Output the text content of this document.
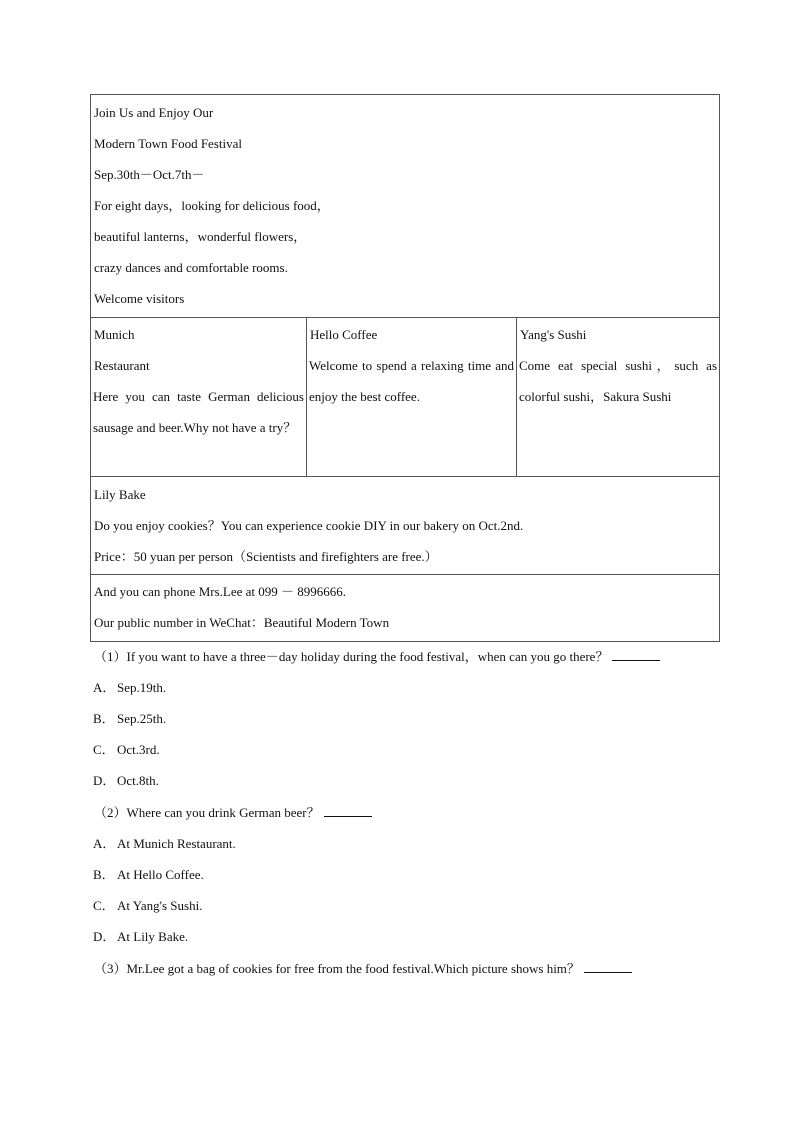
Join Us and Enjoy Our
Modern Town Food Festival
Sep.30th－Oct.7th－
For eight days，looking for delicious food，
beautiful lanterns，wonderful flowers，
crazy dances and comfortable rooms.
Welcome visitors
Munich
Restaurant
Here you can taste German delicious sausage and beer.Why not have a try？
Hello Coffee
Welcome to spend a relaxing time and enjoy the best coffee.
Yang's Sushi
Come eat special sushi，such as colorful sushi，Sakura Sushi
Lily Bake
Do you enjoy cookies？You can experience cookie DIY in our bakery on Oct.2nd.
Price：50 yuan per person（Scientists and firefighters are free.）
And you can phone Mrs.Lee at 099 － 8996666.
Our public number in WeChat：Beautiful Modern Town
（1）If you want to have a three－day holiday during the food festival，when can you go there？
A． Sep.19th.
B． Sep.25th.
C． Oct.3rd.
D． Oct.8th.
（2）Where can you drink German beer？
A． At Munich Restaurant.
B． At Hello Coffee.
C． At Yang's Sushi.
D． At Lily Bake.
（3）Mr.Lee got a bag of cookies for free from the food festival.Which picture shows him？
